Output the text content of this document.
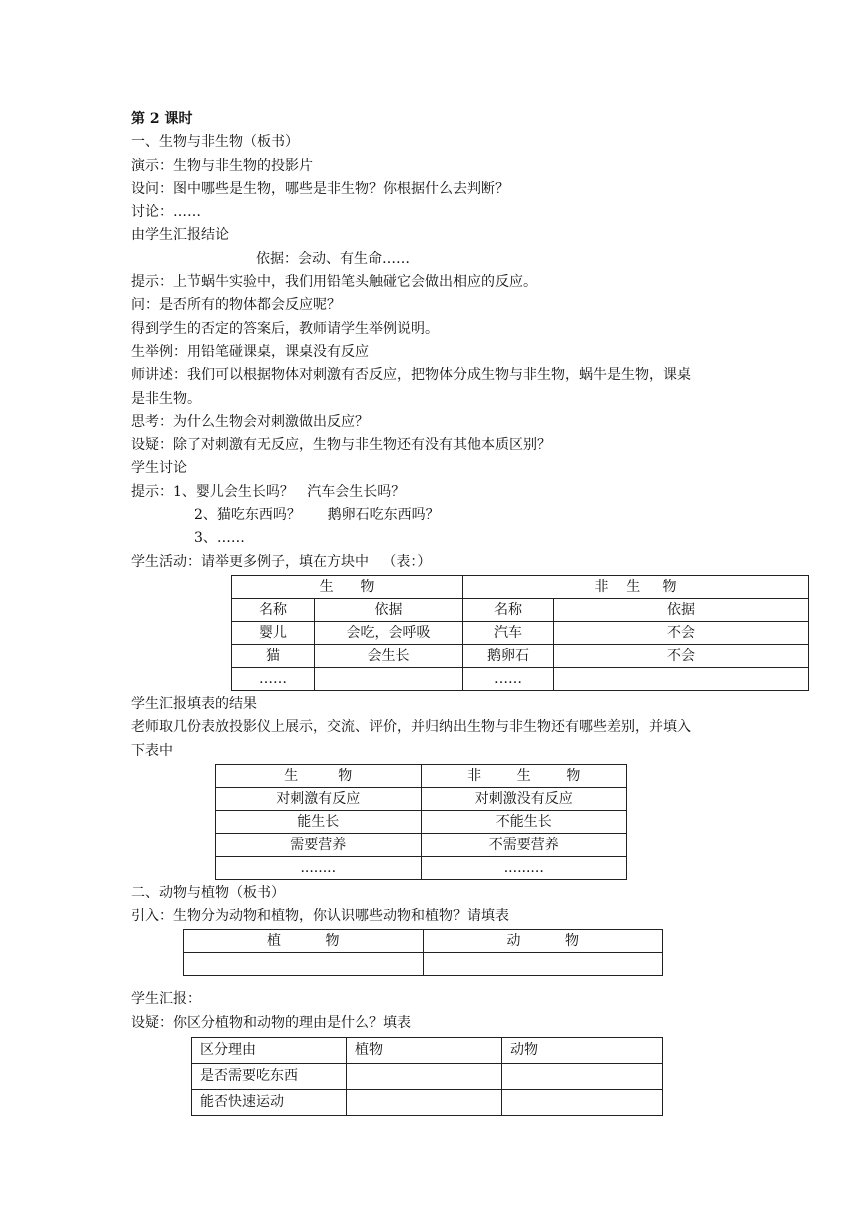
第 2 课时
一、生物与非生物（板书）
演示：生物与非生物的投影片
设问：图中哪些是生物，哪些是非生物？你根据什么去判断？
讨论：……
由学生汇报结论
依据：会动、有生命……
提示：上节蜗牛实验中，我们用铅笔头触碰它会做出相应的反应。
问：是否所有的物体都会反应呢？
得到学生的否定的答案后，教师请学生举例说明。
生举例：用铅笔碰课桌，课桌没有反应
师讲述：我们可以根据物体对刺激有否反应，把物体分成生物与非生物，蜗牛是生物，课桌
是非生物。
思考：为什么生物会对刺激做出反应？
设疑：除了对刺激有无反应，生物与非生物还有没有其他本质区别？
学生讨论
提示：1、婴儿会生长吗？   汽车会生长吗？
2、猫吃东西吗？      鹅卵石吃东西吗？
3、……
学生活动：请举更多例子，填在方块中   （表：）
生      物		非    生     物	
名称	依据	名称	依据
婴儿	会吃，会呼吸	汽车	不会
猫	会生长	鹅卵石	不会
……		……	
学生汇报填表的结果
老师取几份表放投影仪上展示，交流、评价，并归纳出生物与非生物还有哪些差别，并填入
下表中
生         物	非        生        物
对刺激有反应	对刺激没有反应
能生长	不能生长
需要营养	不需要营养
........	.........
二、动物与植物（板书）
引入：生物分为动物和植物，你认识哪些动物和植物？请填表
植          物	动          物

学生汇报：
设疑：你区分植物和动物的理由是什么？填表
区分理由	植物	动物
是否需要吃东西		
能否快速运动		
